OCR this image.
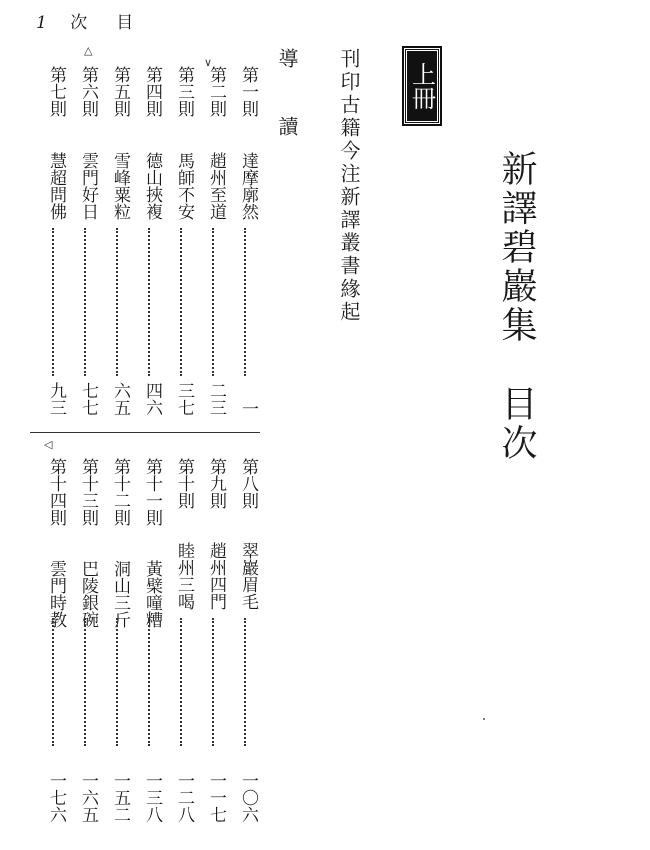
1 次　目
新譯碧巖集目次
上冊
刊印古籍今注新譯叢書緣起
導　讀
第一則
達摩廓然
一
第二則
趙州至道
二三
第三則
馬師不安
三七
第四則
德山挾複
四六
第五則
雪峰粟粒
六五
第六則
雲門好日
七七
第七則
慧超問佛
九三
第八則
翠巖眉毛
一〇六
第九則
趙州四門
一一七
第十則
睦州三喝
一二八
第十一則
黃檗噇糟
一三八
第十二則
洞山三斤
一五二
第十三則
巴陵銀碗
一六五
第十四則
雲門時教
一七六
△
∨
◁
